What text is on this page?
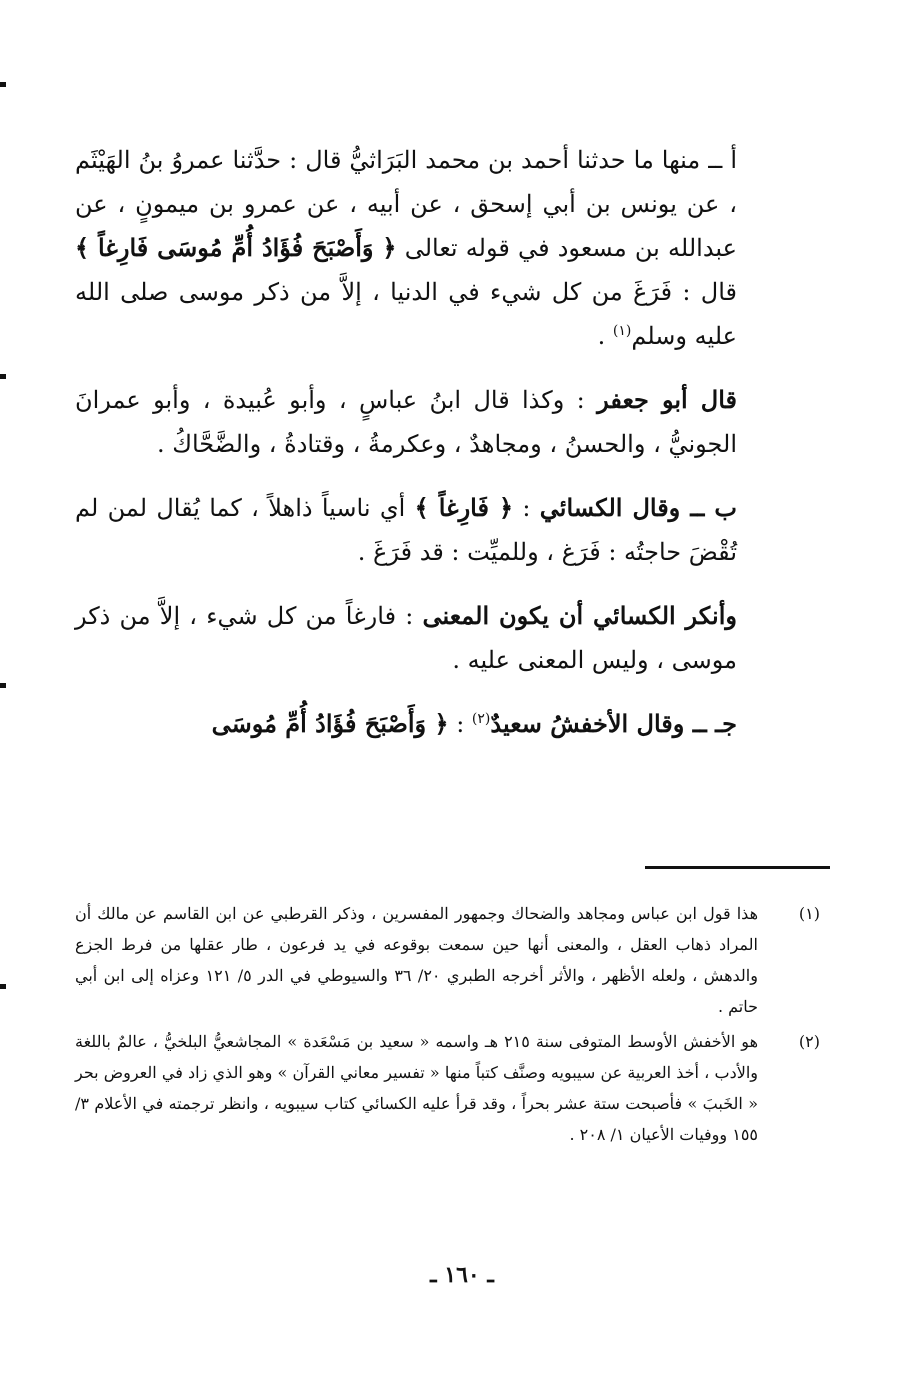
أ ــ منها ما حدثنا أحمد بن محمد البَرَاثيُّ قال : حدَّثنا عمروُ بنُ الهَيْثَم ، عن يونس بن أبي إسحق ، عن أبيه ، عن عمرو بن ميمونٍ ، عن عبدالله بن مسعود في قوله تعالى ﴿ وَأَصْبَحَ فُؤَادُ أُمِّ مُوسَى فَارِغاً ﴾ قال : فَرَغَ من كل شيء في الدنيا ، إلاَّ من ذكر موسى صلى الله عليه وسلم$^{(١)}$ .

قال أبو جعفر : وكذا قال ابنُ عباسٍ ، وأبو عُبيدة ، وأبو عمرانَ الجونيُّ ، والحسنُ ، ومجاهدٌ ، وعكرمةُ ، وقتادةُ ، والضَّحَّاكُ .

ب ــ وقال الكسائي : ﴿ فَارِغاً ﴾ أي ناسياً ذاهلاً ، كما يُقال لمن لم تُقْضَ حاجتُه : فَرَغ ، وللميِّت : قد فَرَغَ .

وأنكر الكسائي أن يكون المعنى : فارغاً من كل شيء ، إلاَّ من ذكر موسى ، وليس المعنى عليه .

جـ ــ وقال الأخفشُ سعيدٌ$^{(٢)}$ : ﴿ وَأَصْبَحَ فُؤَادُ أُمِّ مُوسَى

(١)
هذا قول ابن عباس ومجاهد والضحاك وجمهور المفسرين ، وذكر القرطبي عن ابن القاسم عن مالك أن المراد ذهاب العقل ، والمعنى أنها حين سمعت بوقوعه في يد فرعون ، طار عقلها من فرط الجزع والدهش ، ولعله الأظهر ، والأثر أخرجه الطبري ٢٠/ ٣٦ والسيوطي في الدر ٥/ ١٢١ وعزاه إلى ابن أبي حاتم .
(٢)
هو الأخفش الأوسط المتوفى سنة ٢١٥ هـ واسمه « سعيد بن مَسْعَدة » المجاشعيُّ البلخيُّ ، عالمٌ باللغة والأدب ، أخذ العربية عن سيبويه وصنَّف كتباً منها « تفسير معاني القرآن » وهو الذي زاد في العروض بحر « الخَببَ » فأصبحت ستة عشر بحراً ، وقد قرأ عليه الكسائي كتاب سيبويه ، وانظر ترجمته في الأعلام ٣/ ١٥٥ ووفيات الأعيان ١/ ٢٠٨ .
ـ ١٦٠ ـ
